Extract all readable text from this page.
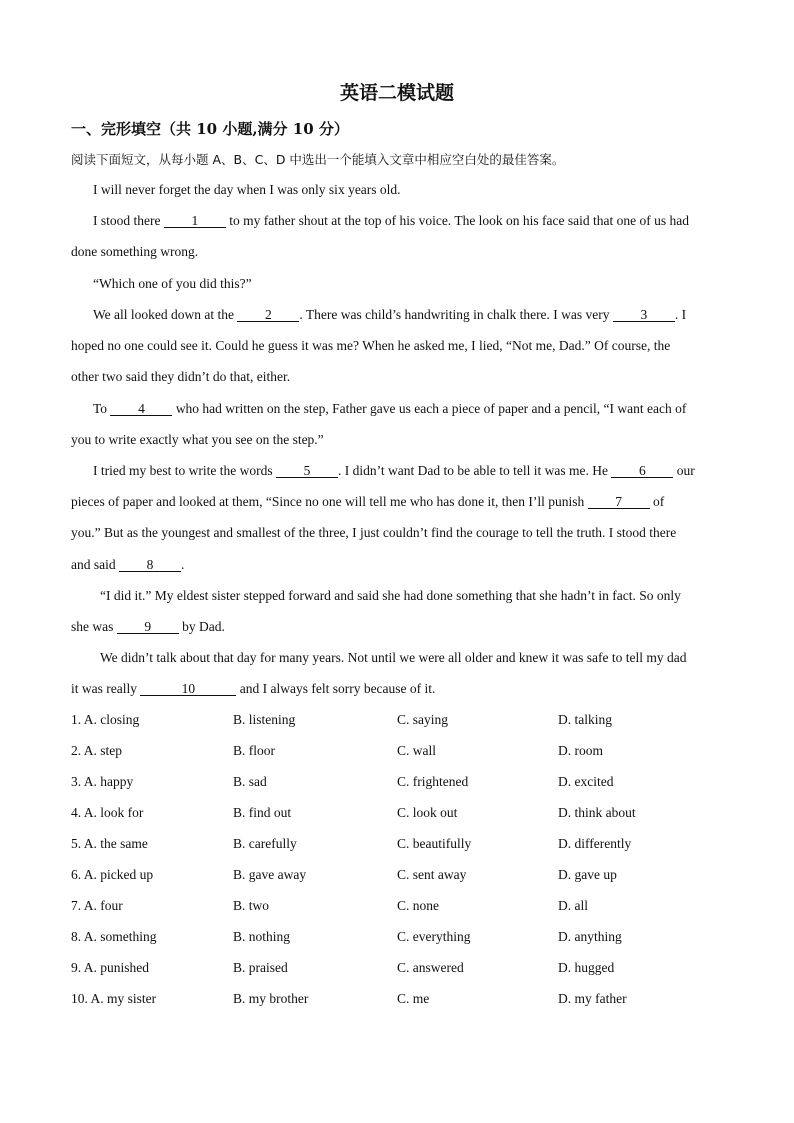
英语二模试题
一、完形填空（共 10 小题,满分 10 分）
阅读下面短文，从每小题 A、B、C、D 中选出一个能填入文章中相应空白处的最佳答案。
I will never forget the day when I was only six years old.
I stood there 1 to my father shout at the top of his voice. The look on his face said that one of us had
done something wrong.
“Which one of you did this?”
We all looked down at the 2 . There was child’s handwriting in chalk there. I was very 3 . I
hoped no one could see it. Could he guess it was me? When he asked me, I lied, “Not me, Dad.” Of course, the
other two said they didn’t do that, either.
To 4 who had written on the step, Father gave us each a piece of paper and a pencil, “I want each of
you to write exactly what you see on the step.”
I tried my best to write the words 5 . I didn’t want Dad to be able to tell it was me. He 6 our
pieces of paper and looked at them, “Since no one will tell me who has done it, then I’ll punish 7 of
you.” But as the youngest and smallest of the three, I just couldn’t find the courage to tell the truth. I stood there
and said 8 .
“I did it.” My eldest sister stepped forward and said she had done something that she hadn’t in fact. So only
she was 9 by Dad.
We didn’t talk about that day for many years. Not until we were all older and knew it was safe to tell my dad
it was really	10	and I always felt sorry because of it.
1. A. closing	B. listening	C. saying	D. talking
2. A. step	B. floor	C. wall	D. room
3. A. happy	B. sad	C. frightened	D. excited
4. A. look for	B. find out	C. look out	D. think about
5. A. the same	B. carefully	C. beautifully	D. differently
6. A. picked up	B. gave away	C. sent away	D. gave up
7. A. four	B. two	C. none	D. all
8. A. something	B. nothing	C. everything	D. anything
9. A. punished	B. praised	C. answered	D. hugged
10. A. my sister	B. my brother	C. me	D. my father
